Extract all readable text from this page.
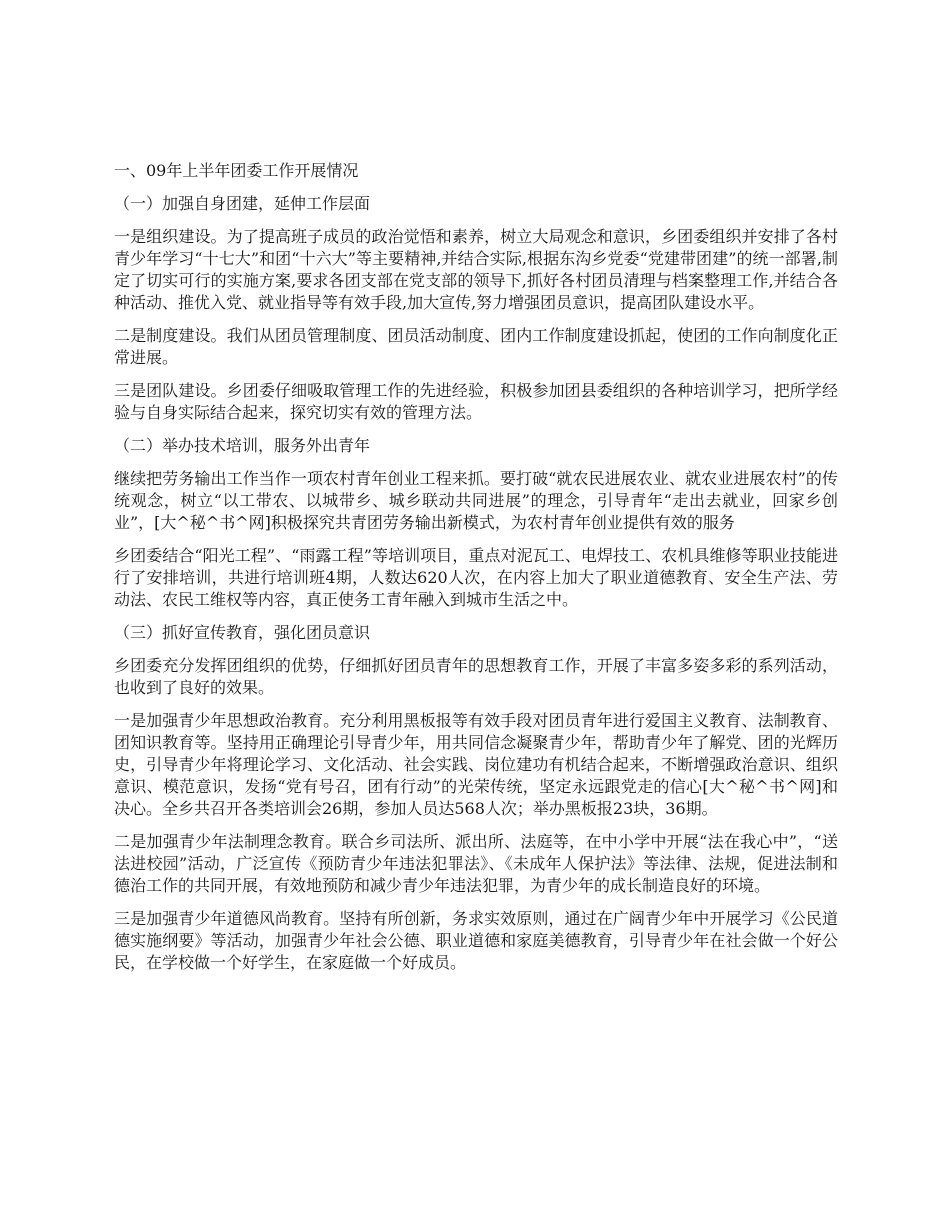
一、09年上半年团委工作开展情况

（一）加强自身团建，延伸工作层面

一是组织建设。为了提高班子成员的政治觉悟和素养，树立大局观念和意识，乡团委组织并安排了各村青少年学习“十七大”和团“十六大”等主要精神,并结合实际,根据东沟乡党委“党建带团建”的统一部署,制定了切实可行的实施方案,要求各团支部在党支部的领导下,抓好各村团员清理与档案整理工作,并结合各种活动、推优入党、就业指导等有效手段,加大宣传,努力增强团员意识，提高团队建设水平。

二是制度建设。我们从团员管理制度、团员活动制度、团内工作制度建设抓起，使团的工作向制度化正常进展。

三是团队建设。乡团委仔细吸取管理工作的先进经验，积极参加团县委组织的各种培训学习，把所学经验与自身实际结合起来，探究切实有效的管理方法。

（二）举办技术培训，服务外出青年

继续把劳务输出工作当作一项农村青年创业工程来抓。要打破“就农民进展农业、就农业进展农村”的传统观念，树立“以工带农、以城带乡、城乡联动共同进展”的理念，引导青年“走出去就业，回家乡创业”，[大^秘^书^网]积极探究共青团劳务输出新模式，为农村青年创业提供有效的服务

乡团委结合“阳光工程”、“雨露工程”等培训项目，重点对泥瓦工、电焊技工、农机具维修等职业技能进行了安排培训，共进行培训班4期，人数达620人次，在内容上加大了职业道德教育、安全生产法、劳动法、农民工维权等内容，真正使务工青年融入到城市生活之中。

（三）抓好宣传教育，强化团员意识

乡团委充分发挥团组织的优势，仔细抓好团员青年的思想教育工作，开展了丰富多姿多彩的系列活动，也收到了良好的效果。

一是加强青少年思想政治教育。充分利用黑板报等有效手段对团员青年进行爱国主义教育、法制教育、团知识教育等。坚持用正确理论引导青少年，用共同信念凝聚青少年，帮助青少年了解党、团的光辉历史，引导青少年将理论学习、文化活动、社会实践、岗位建功有机结合起来，不断增强政治意识、组织意识、模范意识，发扬“党有号召，团有行动”的光荣传统，坚定永远跟党走的信心[大^秘^书^网]和决心。全乡共召开各类培训会26期，参加人员达568人次；举办黑板报23块，36期。

二是加强青少年法制理念教育。联合乡司法所、派出所、法庭等，在中小学中开展“法在我心中”，“送法进校园”活动，广泛宣传《预防青少年违法犯罪法》、《未成年人保护法》等法律、法规，促进法制和德治工作的共同开展，有效地预防和减少青少年违法犯罪，为青少年的成长制造良好的环境。

三是加强青少年道德风尚教育。坚持有所创新，务求实效原则，通过在广阔青少年中开展学习《公民道德实施纲要》等活动，加强青少年社会公德、职业道德和家庭美德教育，引导青少年在社会做一个好公民，在学校做一个好学生，在家庭做一个好成员。
